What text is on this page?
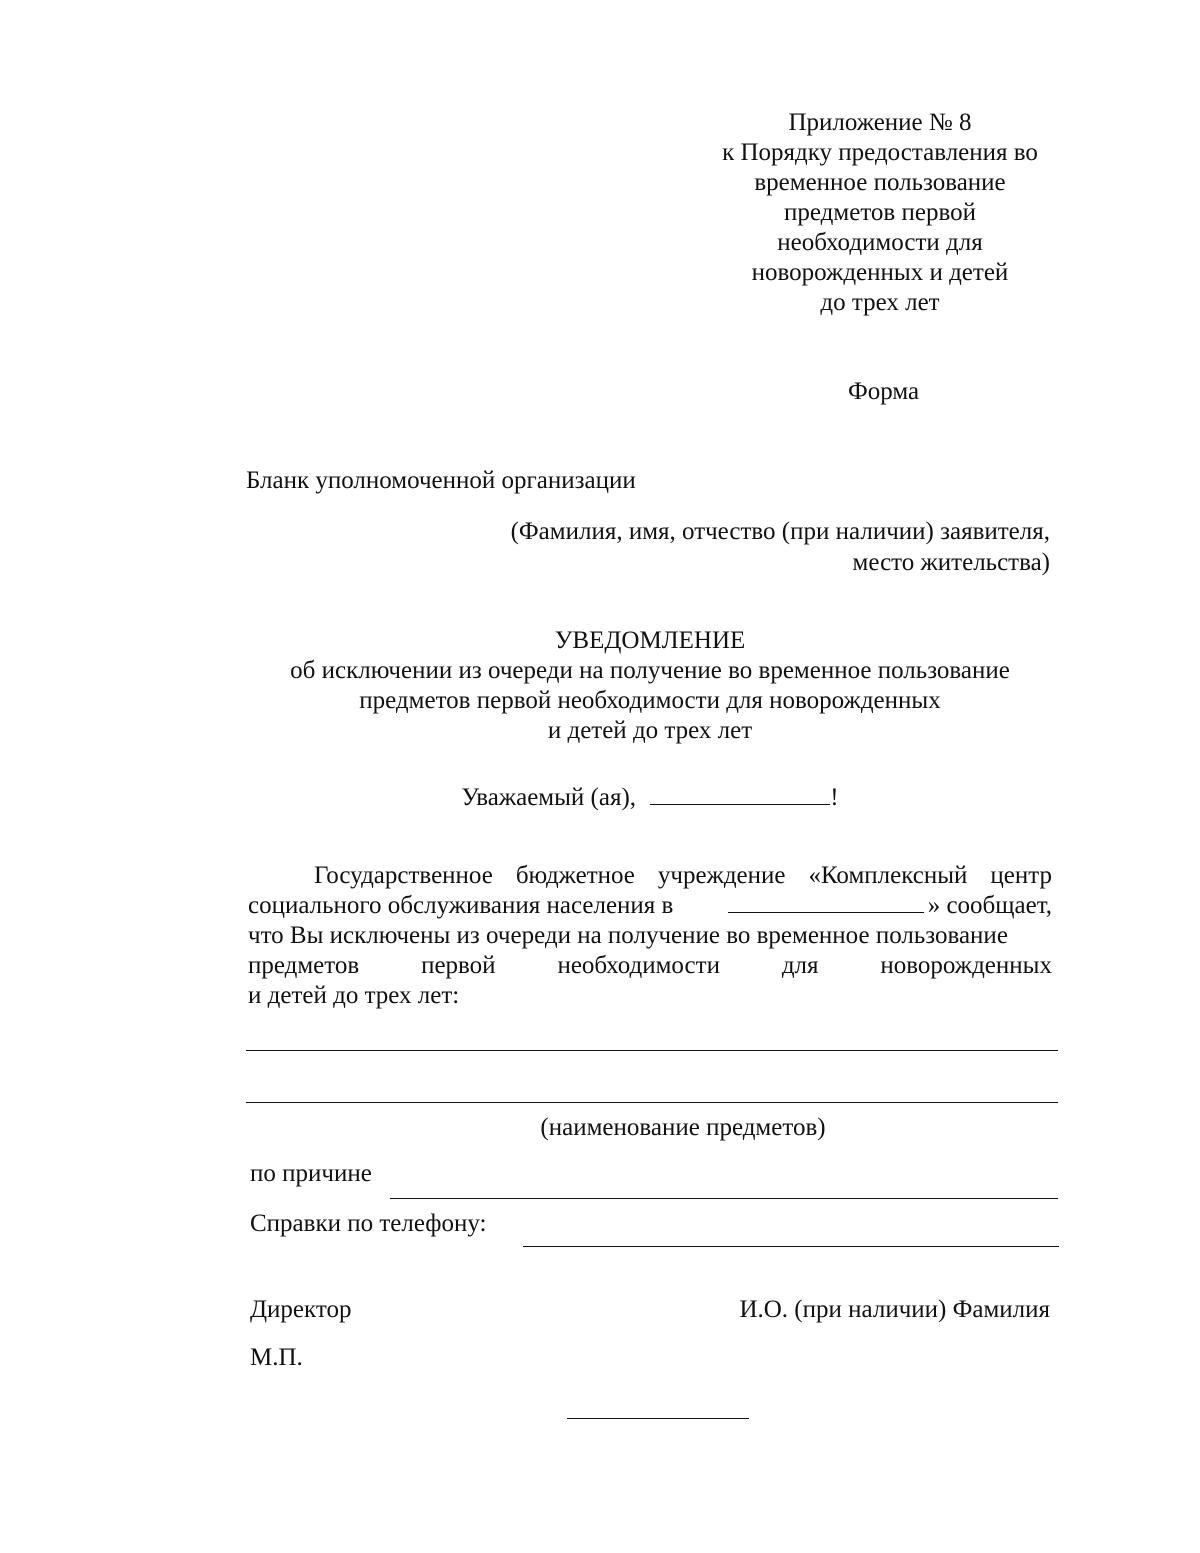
Приложение № 8
к Порядку предоставления во
временное пользование
предметов первой
необходимости для
новорожденных и детей
до трех лет
Форма
Бланк уполномоченной организации
(Фамилия, имя, отчество (при наличии) заявителя,
место жительства)
УВЕДОМЛЕНИЕ
об исключении из очереди на получение во временное пользование
предметов первой необходимости для новорожденных
и детей до трех лет
Уважаемый (ая),	!
Государственное бюджетное учреждение «Комплексный центр
социального обслуживания населения в	» сообщает,
что Вы исключены из очереди на получение во временное пользование
предметов первой необходимости для новорожденных
и детей до трех лет:
(наименование предметов)
по причине
Справки по телефону:
Директор	И.О. (при наличии) Фамилия
М.П.
